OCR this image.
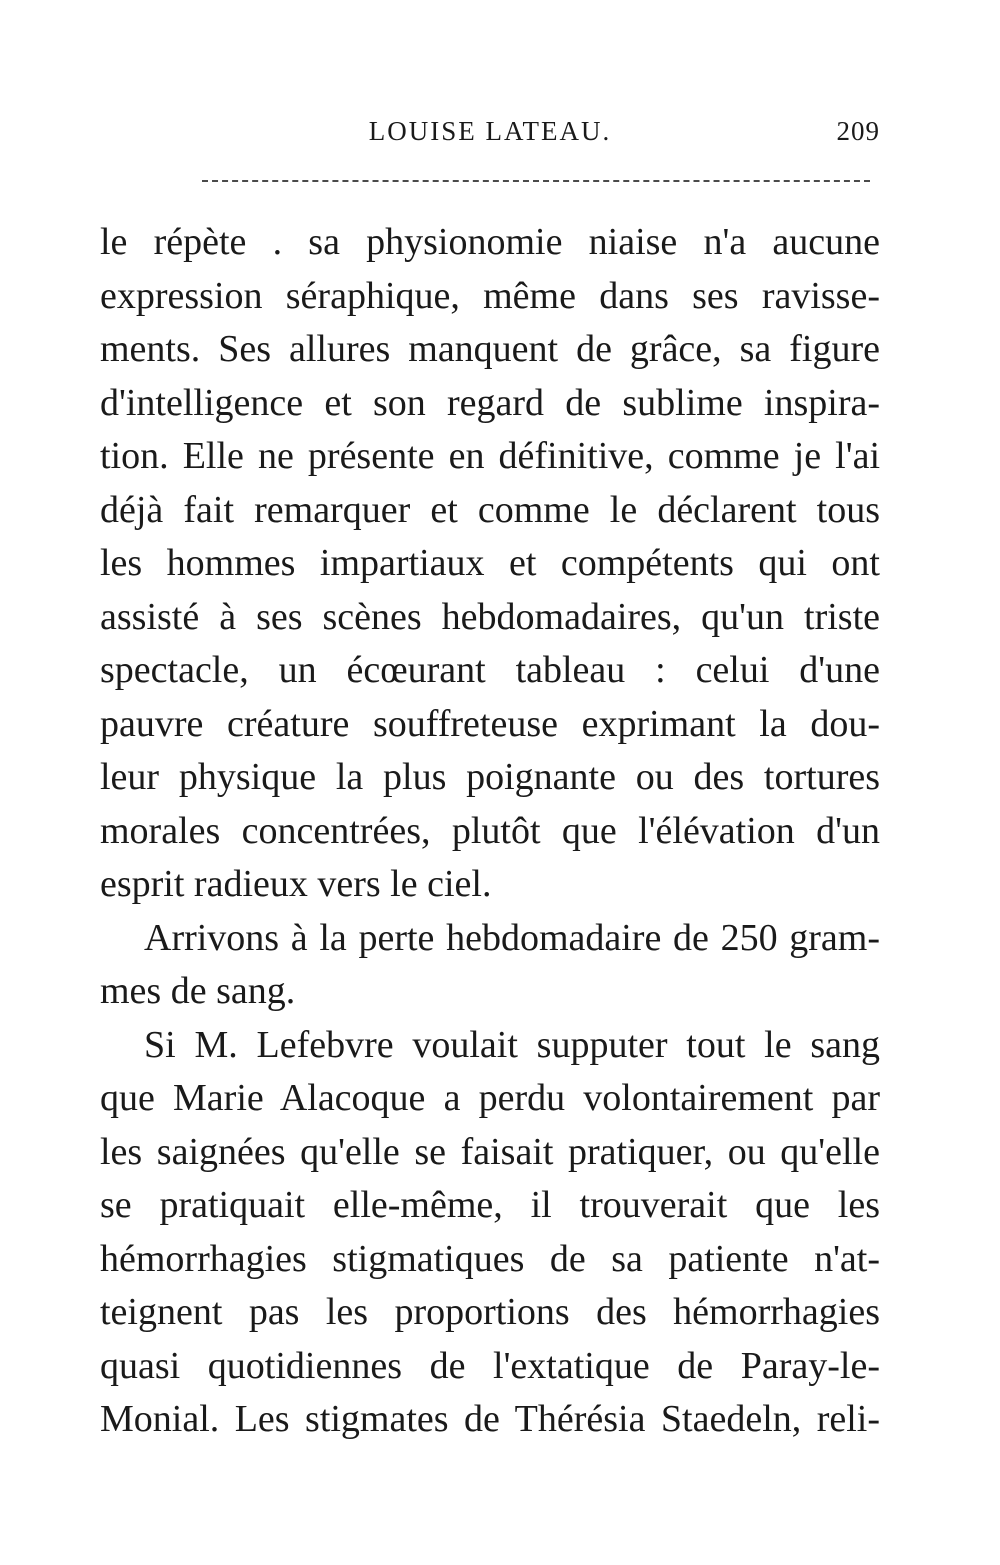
LOUISE LATEAU.	209
le répète . sa physionomie niaise n'a aucune
expression séraphique, même dans ses ravisse-
ments. Ses allures manquent de grâce, sa figure
d'intelligence et son regard de sublime inspira-
tion. Elle ne présente en définitive, comme je l'ai
déjà fait remarquer et comme le déclarent tous
les hommes impartiaux et compétents qui ont
assisté à ses scènes hebdomadaires, qu'un triste
spectacle, un écœurant tableau : celui d'une
pauvre créature souffreteuse exprimant la dou-
leur physique la plus poignante ou des tortures
morales concentrées, plutôt que l'élévation d'un
esprit radieux vers le ciel.
Arrivons à la perte hebdomadaire de 250 gram-
mes de sang.
Si M. Lefebvre voulait supputer tout le sang
que Marie Alacoque a perdu volontairement par
les saignées qu'elle se faisait pratiquer, ou qu'elle
se pratiquait elle-même, il trouverait que les
hémorrhagies stigmatiques de sa patiente n'at-
teignent pas les proportions des hémorrhagies
quasi quotidiennes de l'extatique de Paray-le-
Monial. Les stigmates de Thérésia Staedeln, reli-
